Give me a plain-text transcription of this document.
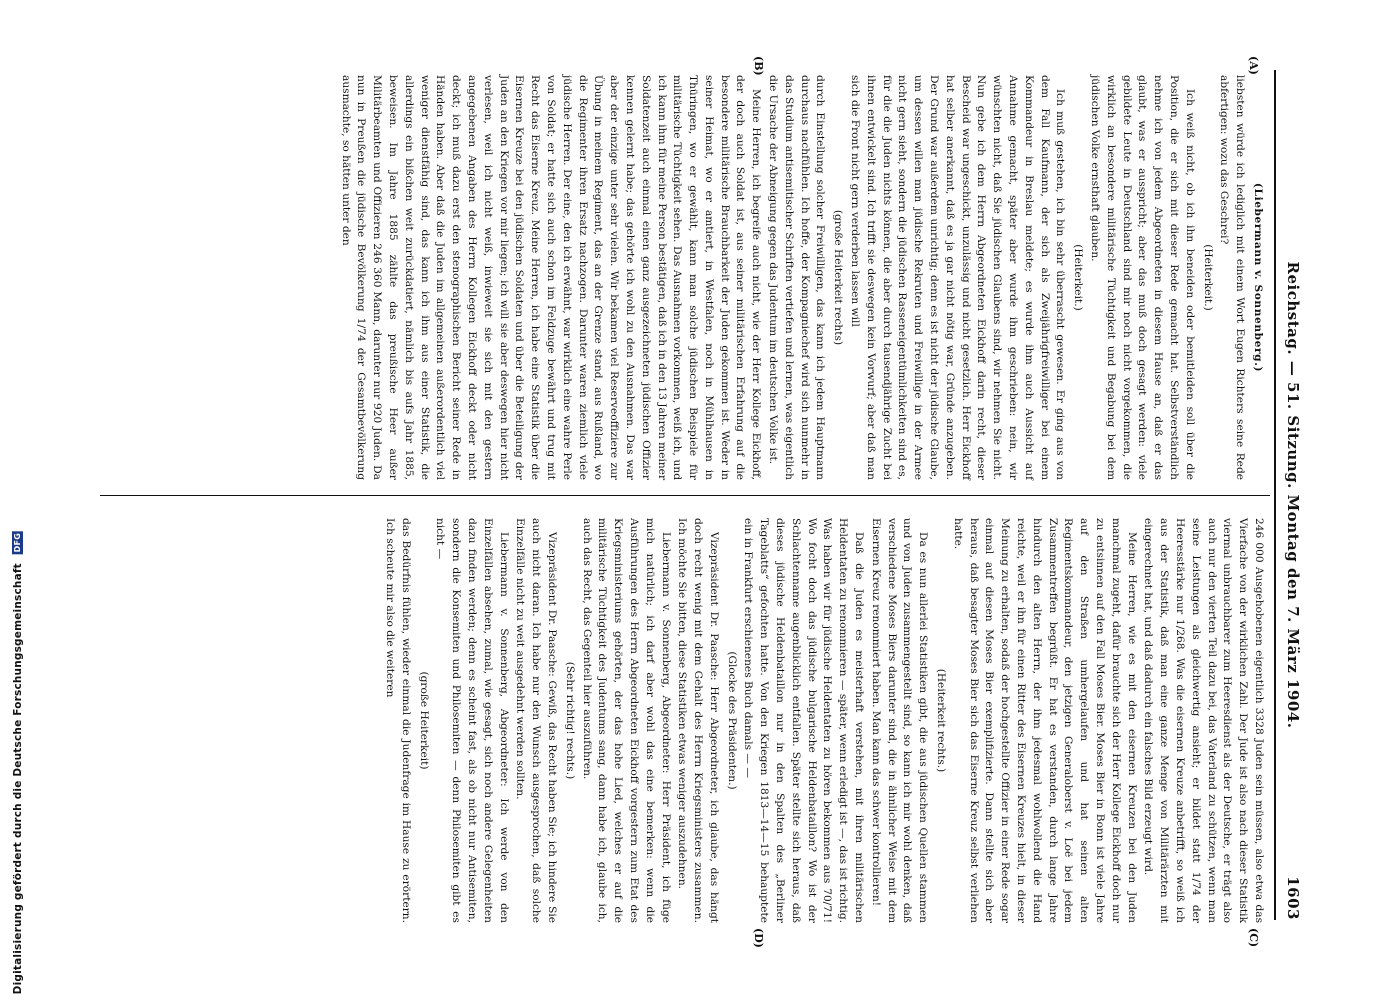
Reichstag. — 51. Sitzung. Montag den 7. März 1904.
1603
(A)
(B)
(C)
(D)

(Liebermann v. Sonnenberg.)

liebsten würde ich lediglich mit einem Wort Eugen Richters seine Rede abfertigen: wozu das Geschrei?

(Heiterkeit.)

Ich weiß nicht, ob ich ihn beneiden oder bemitleiden soll über die Position, die er sich mit dieser Rede gemacht hat. Selbstverständlich nehme ich von jedem Abgeordneten in diesem Hause an, daß er das glaubt, was er ausspricht; aber das muß doch gesagt werden: viele gebildete Leute in Deutschland sind mir noch nicht vorgekommen, die wirklich an besondere militärische Tüchtigkeit und Begabung bei dem jüdischen Volke ernsthaft glauben.

(Heiterkeit.)

Ich muß gestehen, ich bin sehr überrascht gewesen. Er ging aus von dem Fall Kaufmann, der sich als Zweijährigfreiwilliger bei einem Kommandeur in Breslau meldete; es wurde ihm auch Aussicht auf Annahme gemacht, später aber wurde ihm geschrieben: nein, wir wünschten nicht, daß Sie jüdischen Glaubens sind, wir nehmen Sie nicht. Nun gebe ich dem Herrn Abgeordneten Eickhoff darin recht, dieser Bescheid war ungeschickt, unzulässig und nicht gesetzlich. Herr Eickhoff hat selber anerkannt, daß es ja gar nicht nötig war, Gründe anzugeben. Der Grund war außerdem unrichtig; denn es ist nicht der jüdische Glaube, um dessen willen man jüdische Rekruten und Freiwillige in der Armee nicht gern sieht, sondern die jüdischen Rasseneigentümlichkeiten sind es, für die die Juden nichts können, die aber durch tausendjährige Zucht bei ihnen entwickelt sind. Ich trifft sie deswegen kein Vorwurf; aber daß man sich die Front nicht gern verderben lassen will

(große Heiterkeit rechts)

durch Einstellung solcher Freiwilligen, das kann ich jedem Hauptmann durchaus nachfühlen. Ich hoffe, der Kompagniechef wird sich nunmehr in das Studium antisemitischer Schriften vertiefen und lernen, was eigentlich die Ursache der Abneigung gegen das Judentum im deutschen Volke ist.

Meine Herren, ich begreife auch nicht, wie der Herr Kollege Eickhoff, der doch auch Soldat ist, aus seiner militärischen Erfahrung auf die besondere militärische Brauchbarkeit der Juden gekommen ist. Weder in seiner Heimat, wo er amtiert, in Westfalen, noch in Mühlhausen in Thüringen, wo er gewählt, kann man solche jüdischen Beispiele für militärische Tüchtigkeit sehen. Das Ausnahmen vorkommen, weiß ich, und ich kann ihm für meine Person bestätigen, daß ich in den 13 Jahren meiner Soldatenzeit auch einmal einen ganz ausgezeichneten jüdischen Offizier kennen gelernt habe; das gehörte ich wohl zu den Ausnahmen. Das war aber der einzige unter sehr vielen. Wir bekamen viel Reserveoffiziere zur Übung in meinem Regiment, das an der Grenze stand, aus Rußland, wo die Regimenter ihren Ersatz nachzogen. Darunter waren ziemlich viele jüdische Herren. Der eine, den ich erwähnt, war wirklich eine wahre Perle von Soldat; er hatte sich auch schon im Feldzuge bewährt und trug mit Recht das Eiserne Kreuz. Meine Herren, ich habe eine Statistik über die Eisernen Kreuze bei den jüdischen Soldaten und über die Beteiligung der Juden an den Kriegen vor mir liegen; ich will sie aber deswegen hier nicht verlesen, weil ich nicht weiß, inwieweit sie sich mit den gestern angegebenen Angaben des Herrn Kollegen Eickhoff deckt oder nicht deckt; ich muß dazu erst den stenographischen Bericht seiner Rede in Händen haben. Aber daß die Juden im allgemeinen außerordentlich viel weniger dienstfähig sind, das kann ich ihm aus einer Statistik, die allerdings ein bißchen weit zurückdatiert, nämlich bis aufs Jahr 1885, beweisen. Im Jahre 1885 zählte das preußische Heer außer Militärbeamten und Offizieren 246 360 Mann, darunter nur 920 Juden. Da nun in Preußen die jüdische Bevölkerung 1/74 der Gesamtbevölkerung ausmachte, so hätten unter den

246 000 Ausgehobenen eigentlich 3328 Juden sein müssen, also etwa das Vierfache von der wirklichen Zahl. Der Jude ist also nach dieser Statistik viermal unbrauchbarer zum Heeresdienst als der Deutsche, er trägt also auch nur den vierten Teil dazu bei, das Vaterland zu schützen, wenn man seine Leistungen als gleichwertig ansieht; er bildet statt 1/74 der Heeresstärke nur 1/268. Was die eisernen Kreuze anbetrifft, so weiß ich aus der Statistik, daß man eine ganze Menge von Militärärzten mit eingerechnet hat, und daß dadurch ein falsches Bild erzeugt wird.

Meine Herren, wie es mit den eisernen Kreuzen bei den Juden manchmal zugeht, dafür brauchte sich der Herr Kollege Eickhoff doch nur zu entsinnen auf den Fall Moses Bier. Moses Bier in Bonn ist viele Jahre auf den Straßen umhergelaufen und hat seinen alten Regimentskommandeur, den jetzigen Generaloberst v. Loë bei jedem Zusammentreffen begrüßt. Er hat es verstanden, durch lange Jahre hindurch den alten Herrn, der ihm jedesmal wohlwollend die Hand reichte, weil er ihn für einen Ritter des Eisernen Kreuzes hielt, in dieser Meinung zu erhalten, sodaß der hochgestellte Offizier in einer Rede sogar einmal auf diesen Moses Bier exemplifizierte. Dann stellte sich aber heraus, daß besagter Moses Bier sich das Eiserne Kreuz selbst verliehen hatte.

(Heiterkeit rechts.)

Da es nun allerlei Statistiken gibt, die aus jüdischen Quellen stammen und von Juden zusammengestellt sind, so kann ich mir wohl denken, daß verschiedene Moses Biers darunter sind, die in ähnlicher Weise mit dem Eisernen Kreuz renommiert haben. Man kann das schwer kontrollieren!

Daß die Juden es meisterhaft verstehen, mit ihren militärischen Heldentaten zu renommieren — später, wenn erledigt ist —, das ist richtig. Was haben wir für jüdische Heldentaten zu hören bekommen aus 70/71! Wo focht doch das jüdische bulgarische Heldenbataillon? Wo ist der Schlachtenname augenblicklich entfallen. Später stellte sich heraus, daß dieses jüdische Heldenbataillon nur in den Spalten des „Berliner Tageblatts“ gefochten hatte. Von den Kriegen 1813—14—15 behauptete ein in Frankfurt erschienenes Buch damals — —

(Glocke des Präsidenten.)

Vizepräsident Dr. Paasche: Herr Abgeordneter, ich glaube, das hängt doch recht wenig mit dem Gehalt des Herrn Kriegsministers zusammen. Ich möchte Sie bitten, diese Statistiken etwas weniger auszudehnen.

Liebermann v. Sonnenberg, Abgeordneter: Herr Präsident, ich füge mich natürlich; ich darf aber wohl das eine bemerken: wenn die Ausführungen des Herrn Abgeordneten Eickhoff vorgestern zum Etat des Kriegsministeriums gehörten, der das hohe Lied, welches er auf die militärische Tüchtigkeit des Judentums sang, dann habe ich, glaube ich, auch das Recht, das Gegenteil hier auszuführen.

(Sehr richtig! rechts.)

Vizepräsident Dr. Paasche: Gewiß, das Recht haben Sie; ich hindere Sie auch nicht daran. Ich habe nur den Wunsch ausgesprochen, daß solche Einzelfälle nicht zu weit ausgedehnt werden sollten.

Liebermann v. Sonnenberg, Abgeordneter: Ich werde von den Einzelfällen absehen, zumal, wie gesagt, sich noch andere Gelegenheiten dazu finden werden; denn es scheint fast, als ob nicht nur Antisemiten, sondern die Konsemiten und Philosemiten — denn Philosemiten gibt es nicht —

(große Heiterkeit)

das Bedürfnis fühlen, wieder einmal die Judenfrage im Hause zu erörtern. Ich scheute mir also die weiteren

Digitalisierung gefördert durch die Deutsche Forschungsgemeinschaft DFG
